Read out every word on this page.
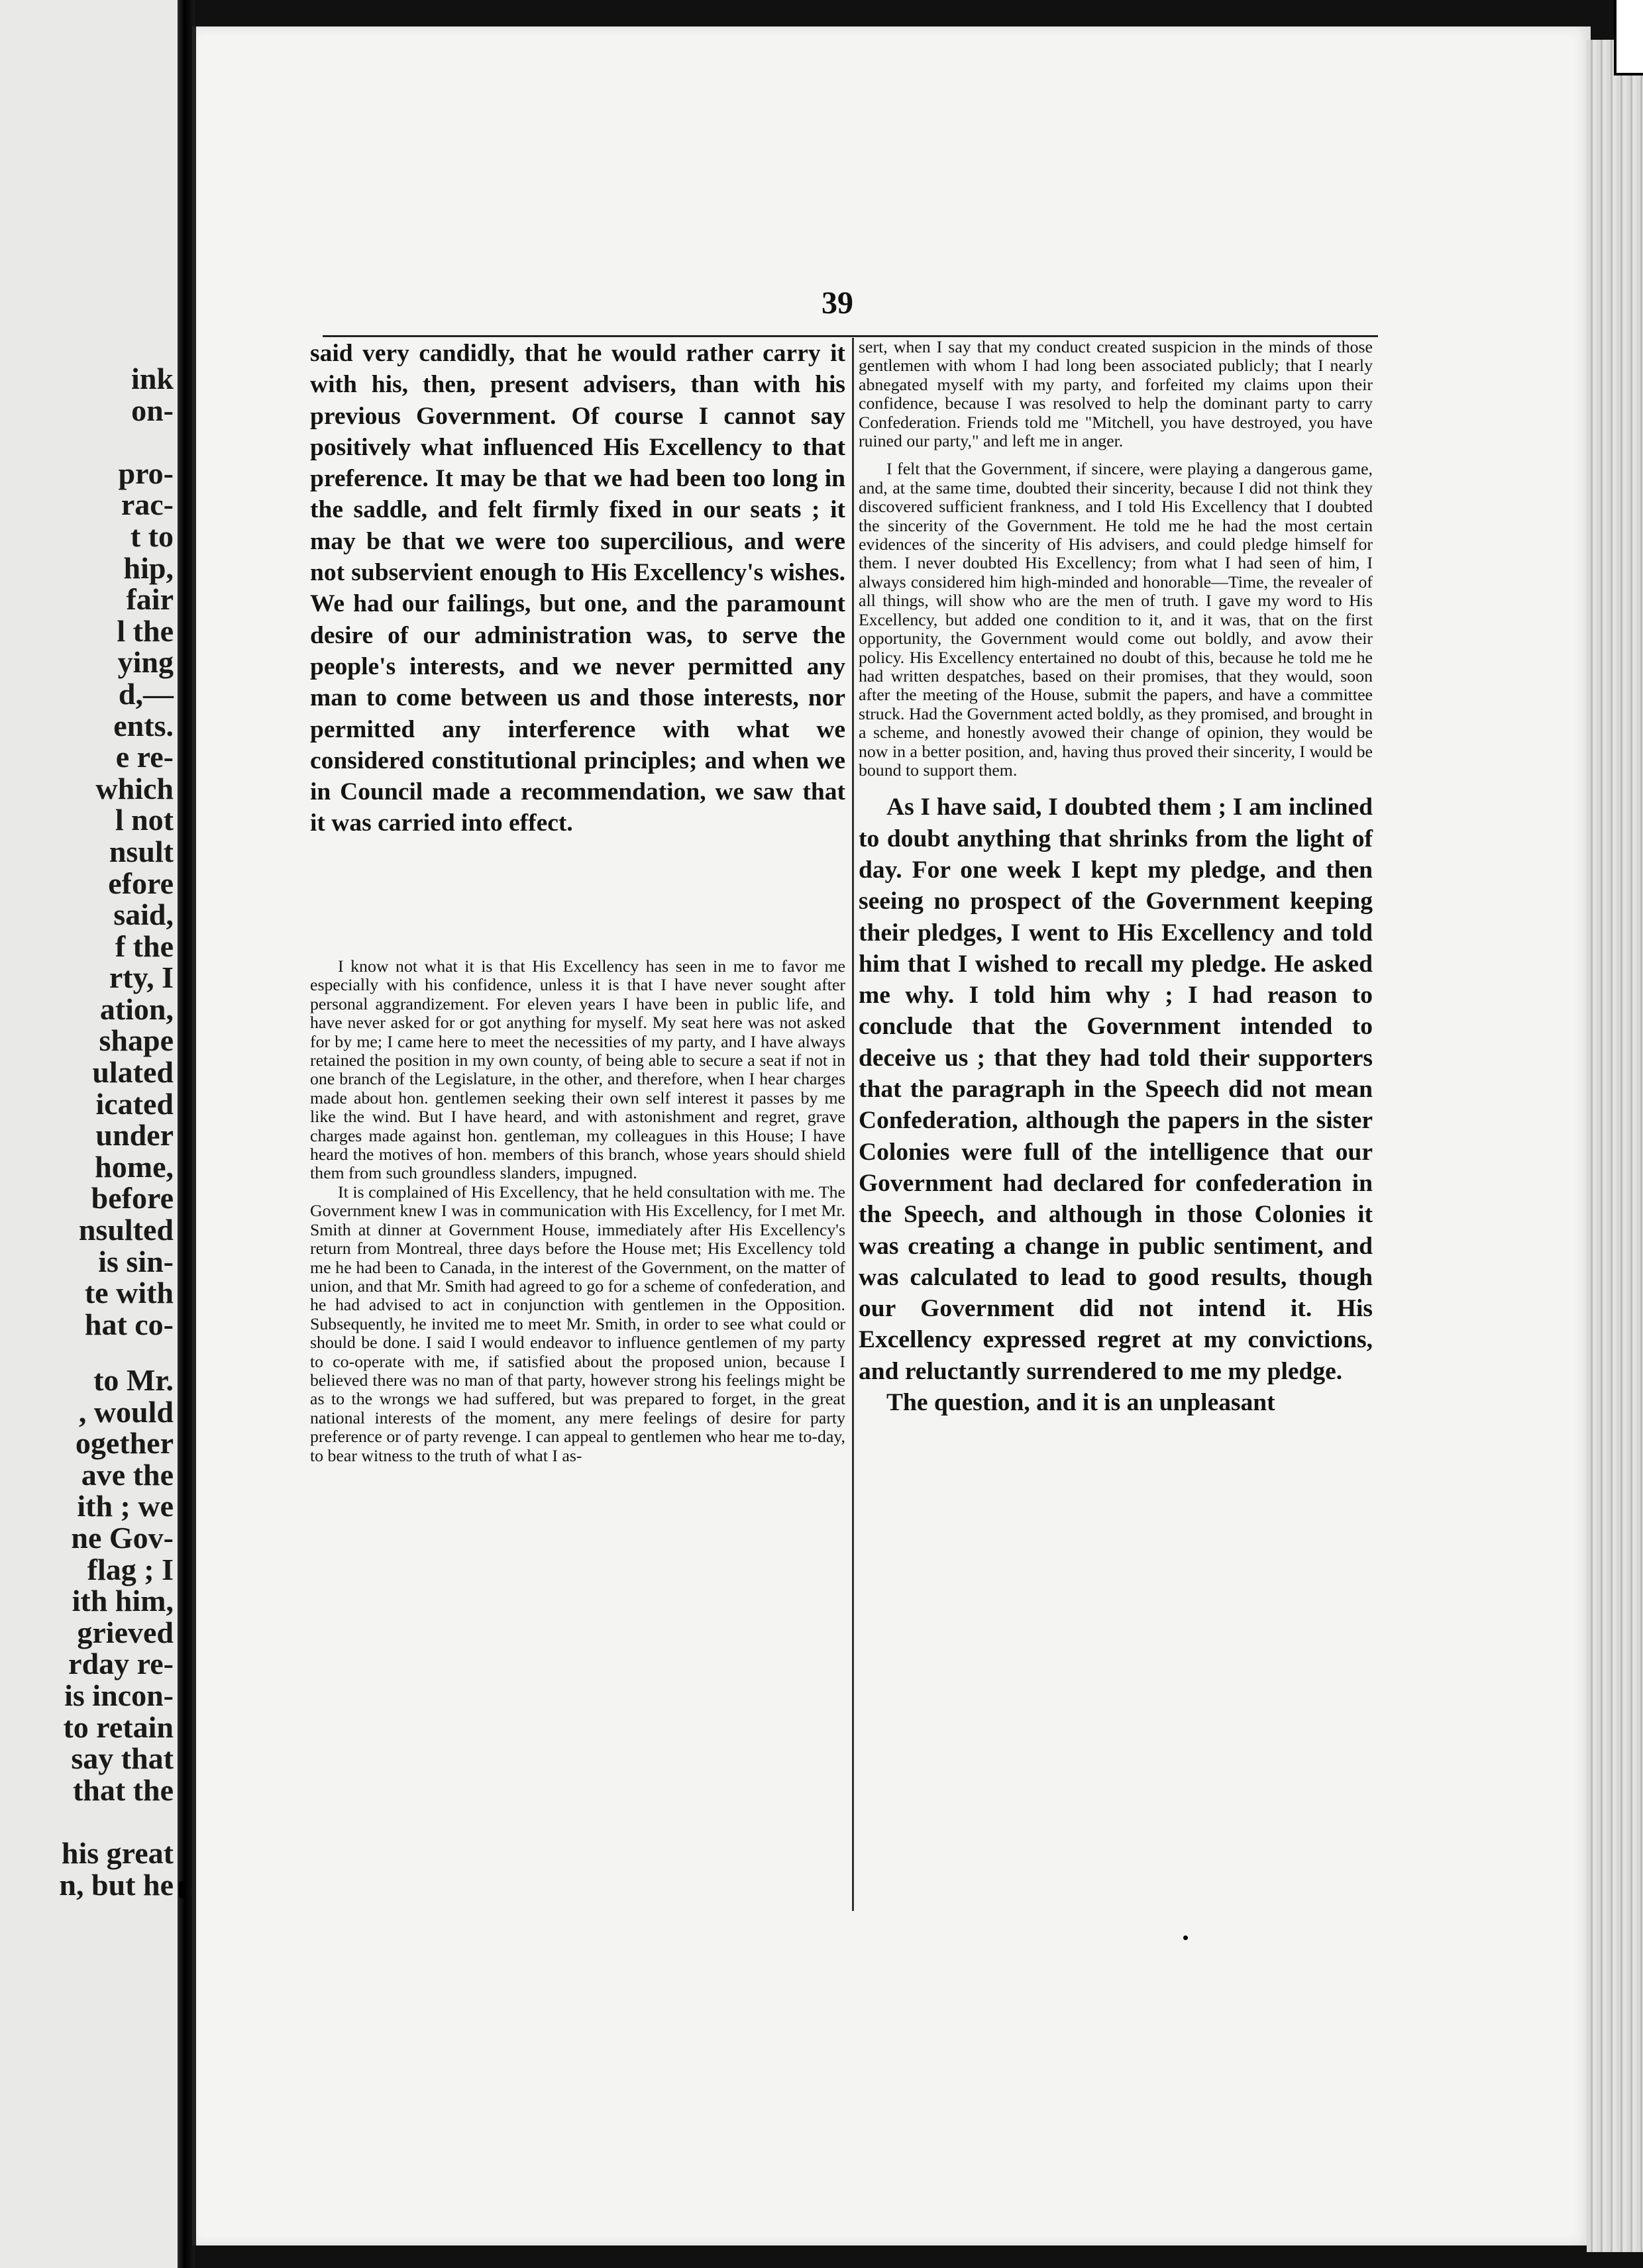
ink
on-

pro-
rac-
t to
hip,
fair
l the
ying
d,—
ents.
e re-
which
l not
nsult
efore
said,
f the
rty, I
ation,
shape
ulated
icated
under
home,
before
nsulted
is sin-
te with
hat co-
to Mr.
, would
ogether
ave the
ith ; we
ne Gov-
flag ; I
ith him,
grieved
rday re-
is incon-
to retain
say that
that the

his great
n, but he
39

said very candidly, that he would rather carry it with his, then, present advisers, than with his previous Government. Of course I cannot say positively what influenced His Excellency to that preference. It may be that we had been too long in the saddle, and felt firmly fixed in our seats ; it may be that we were too supercilious, and were not subservient enough to His Excellency's wishes. We had our failings, but one, and the paramount desire of our administration was, to serve the people's interests, and we never permitted any man to come between us and those interests, nor permitted any interference with what we considered constitutional principles; and when we in Council made a recommendation, we saw that it was carried into effect.

I know not what it is that His Excellency has seen in me to favor me especially with his confidence, unless it is that I have never sought after personal aggrandizement. For eleven years I have been in public life, and have never asked for or got anything for myself. My seat here was not asked for by me; I came here to meet the necessities of my party, and I have always retained the position in my own county, of being able to secure a seat if not in one branch of the Legislature, in the other, and therefore, when I hear charges made about hon. gentlemen seeking their own self interest it passes by me like the wind. But I have heard, and with astonishment and regret, grave charges made against hon. gentleman, my colleagues in this House; I have heard the motives of hon. members of this branch, whose years should shield them from such groundless slanders, impugned.

It is complained of His Excellency, that he held consultation with me. The Government knew I was in communication with His Excellency, for I met Mr. Smith at dinner at Government House, immediately after His Excellency's return from Montreal, three days before the House met; His Excellency told me he had been to Canada, in the interest of the Government, on the matter of union, and that Mr. Smith had agreed to go for a scheme of confederation, and he had advised to act in conjunction with gentlemen in the Opposition. Subsequently, he invited me to meet Mr. Smith, in order to see what could or should be done. I said I would endeavor to influence gentlemen of my party to co-operate with me, if satisfied about the proposed union, because I believed there was no man of that party, however strong his feelings might be as to the wrongs we had suffered, but was prepared to forget, in the great national interests of the moment, any mere feelings of desire for party preference or of party revenge. I can appeal to gentlemen who hear me to-day, to bear witness to the truth of what I as-

sert, when I say that my conduct created suspicion in the minds of those gentlemen with whom I had long been associated publicly; that I nearly abnegated myself with my party, and forfeited my claims upon their confidence, because I was resolved to help the dominant party to carry Confederation. Friends told me "Mitchell, you have destroyed, you have ruined our party," and left me in anger.

I felt that the Government, if sincere, were playing a dangerous game, and, at the same time, doubted their sincerity, because I did not think they discovered sufficient frankness, and I told His Excellency that I doubted the sincerity of the Government. He told me he had the most certain evidences of the sincerity of His advisers, and could pledge himself for them. I never doubted His Excellency; from what I had seen of him, I always considered him high-minded and honorable—Time, the revealer of all things, will show who are the men of truth. I gave my word to His Excellency, but added one condition to it, and it was, that on the first opportunity, the Government would come out boldly, and avow their policy. His Excellency entertained no doubt of this, because he told me he had written despatches, based on their promises, that they would, soon after the meeting of the House, submit the papers, and have a committee struck. Had the Government acted boldly, as they promised, and brought in a scheme, and honestly avowed their change of opinion, they would be now in a better position, and, having thus proved their sincerity, I would be bound to support them.

As I have said, I doubted them ; I am inclined to doubt anything that shrinks from the light of day. For one week I kept my pledge, and then seeing no prospect of the Government keeping their pledges, I went to His Excellency and told him that I wished to recall my pledge. He asked me why. I told him why ; I had reason to conclude that the Government intended to deceive us ; that they had told their supporters that the paragraph in the Speech did not mean Confederation, although the papers in the sister Colonies were full of the intelligence that our Government had declared for confederation in the Speech, and although in those Colonies it was creating a change in public sentiment, and was calculated to lead to good results, though our Government did not intend it. His Excellency expressed regret at my convictions, and reluctantly surrendered to me my pledge.

The question, and it is an unpleasant
